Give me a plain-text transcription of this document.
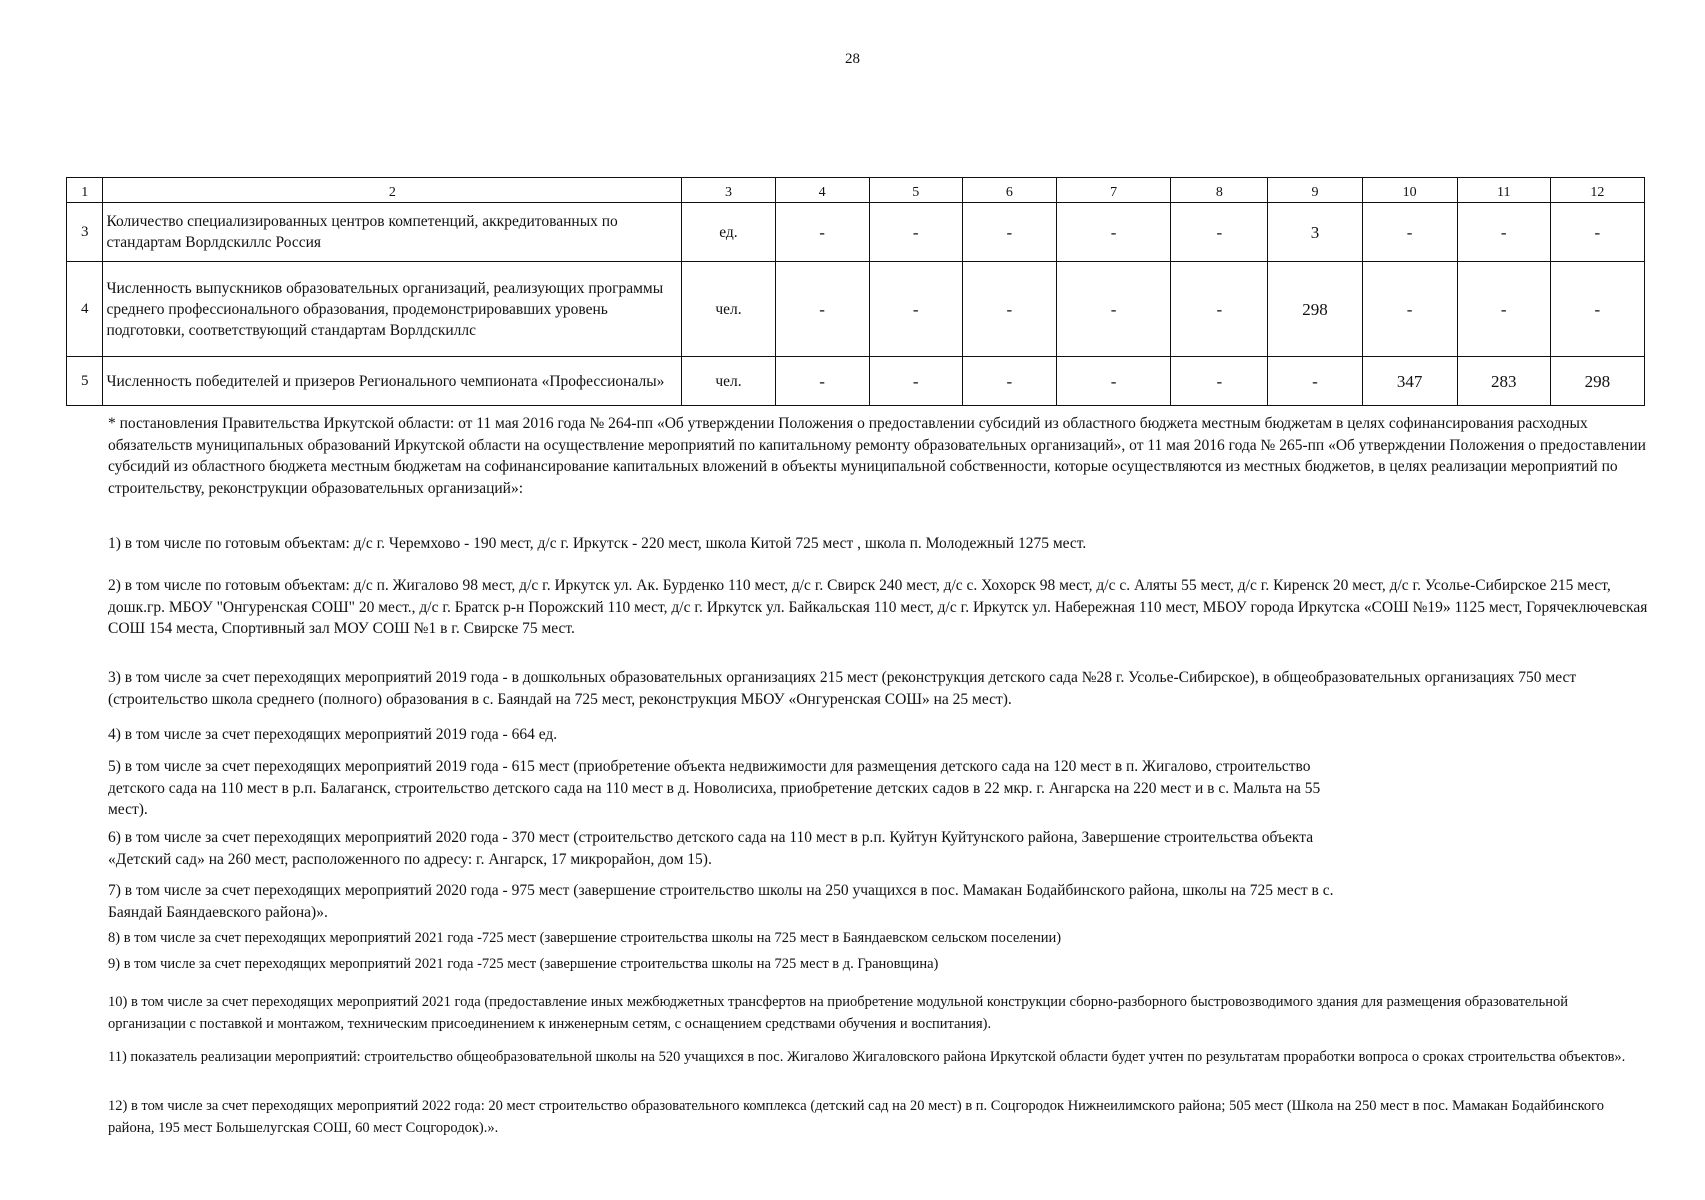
28
1	2	3	4	5	6	7	8	9	10	11	12
3	Количество специализированных центров компетенций, аккредитованных по стандартам Ворлдскиллс Россия	ед.	-	-	-	-	-	3	-	-	-
4	Численность выпускников образовательных организаций, реализующих программы среднего профессионального образования, продемонстрировавших уровень подготовки, соответствующий стандартам Ворлдскиллс	чел.	-	-	-	-	-	298	-	-	-
5	Численность победителей и призеров Регионального чемпионата «Профессионалы»	чел.	-	-	-	-	-	-	347	283	298

* постановления Правительства Иркутской области: от 11 мая 2016 года № 264-пп «Об утверждении Положения о предоставлении субсидий из областного бюджета местным бюджетам в целях софинансирования расходных обязательств муниципальных образований Иркутской области на осуществление мероприятий по капитальному ремонту образовательных организаций», от 11 мая 2016 года № 265-пп «Об утверждении Положения о предоставлении субсидий из областного бюджета местным бюджетам на софинансирование капитальных вложений в объекты муниципальной собственности, которые осуществляются из местных бюджетов, в целях реализации мероприятий по строительству, реконструкции образовательных организаций»:

1) в том числе по готовым объектам: д/с г. Черемхово - 190 мест, д/с г. Иркутск - 220 мест, школа Китой 725 мест , школа п. Молодежный 1275 мест.

2) в том числе по готовым объектам: д/с п. Жигалово 98 мест, д/с г. Иркутск ул. Ак. Бурденко 110 мест, д/с г. Свирск 240 мест, д/с с. Хохорск 98 мест, д/с с. Аляты 55 мест, д/с г. Киренск 20 мест, д/с г. Усолье-Сибирское 215 мест, дошк.гр. МБОУ "Онгуренская СОШ" 20 мест., д/с г. Братск р-н Порожский 110 мест, д/с г. Иркутск ул. Байкальская 110 мест, д/с г. Иркутск ул. Набережная 110 мест, МБОУ города Иркутска «СОШ №19» 1125 мест, Горячеключевская СОШ 154 места, Спортивный зал МОУ СОШ №1 в г. Свирске 75 мест.

3) в том числе за счет переходящих мероприятий 2019 года - в дошкольных образовательных организациях 215 мест (реконструкция детского сада №28 г. Усолье-Сибирское), в общеобразовательных организациях 750 мест (строительство школа среднего (полного) образования в с. Баяндай на 725 мест, реконструкция МБОУ «Онгуренская СОШ» на 25 мест).

4) в том числе за счет переходящих мероприятий 2019 года - 664 ед.

5) в том числе за счет переходящих мероприятий 2019 года - 615 мест (приобретение объекта недвижимости для размещения детского сада на 120 мест в п. Жигалово, строительство детского сада на 110 мест в р.п. Балаганск, строительство детского сада на 110 мест в д. Новолисиха, приобретение детских садов в 22 мкр. г. Ангарска на 220 мест и в с. Мальта на 55 мест).

6) в том числе за счет переходящих мероприятий 2020 года - 370 мест (строительство детского сада на 110 мест в р.п. Куйтун Куйтунского района, Завершение строительства объекта «Детский сад» на 260 мест, расположенного по адресу: г. Ангарск, 17 микрорайон, дом 15).

7) в том числе за счет переходящих мероприятий 2020 года - 975 мест (завершение строительство школы на 250 учащихся в пос. Мамакан Бодайбинского района, школы на 725 мест в с. Баяндай Баяндаевского района)».

8) в том числе за счет переходящих мероприятий 2021 года -725 мест (завершение строительства школы на 725 мест в Баяндаевском сельском поселении)

9) в том числе за счет переходящих мероприятий 2021 года -725 мест (завершение строительства школы на 725 мест в д. Грановщина)

10) в том числе за счет переходящих мероприятий 2021 года (предоставление иных межбюджетных трансфертов на приобретение модульной конструкции сборно-разборного быстровозводимого здания для размещения образовательной организации с поставкой и монтажом, техническим присоединением к инженерным сетям, с оснащением средствами обучения и воспитания).

11) показатель реализации мероприятий: строительство общеобразовательной школы на 520 учащихся в пос. Жигалово Жигаловского района Иркутской области будет учтен по результатам проработки вопроса о сроках строительства объектов».

12) в том числе за счет переходящих мероприятий 2022 года: 20 мест строительство образовательного комплекса (детский сад на 20 мест) в п. Соцгородок Нижнеилимского района; 505 мест (Школа на 250 мест в пос. Мамакан Бодайбинского района, 195 мест Большелугская СОШ, 60 мест Соцгородок).».
